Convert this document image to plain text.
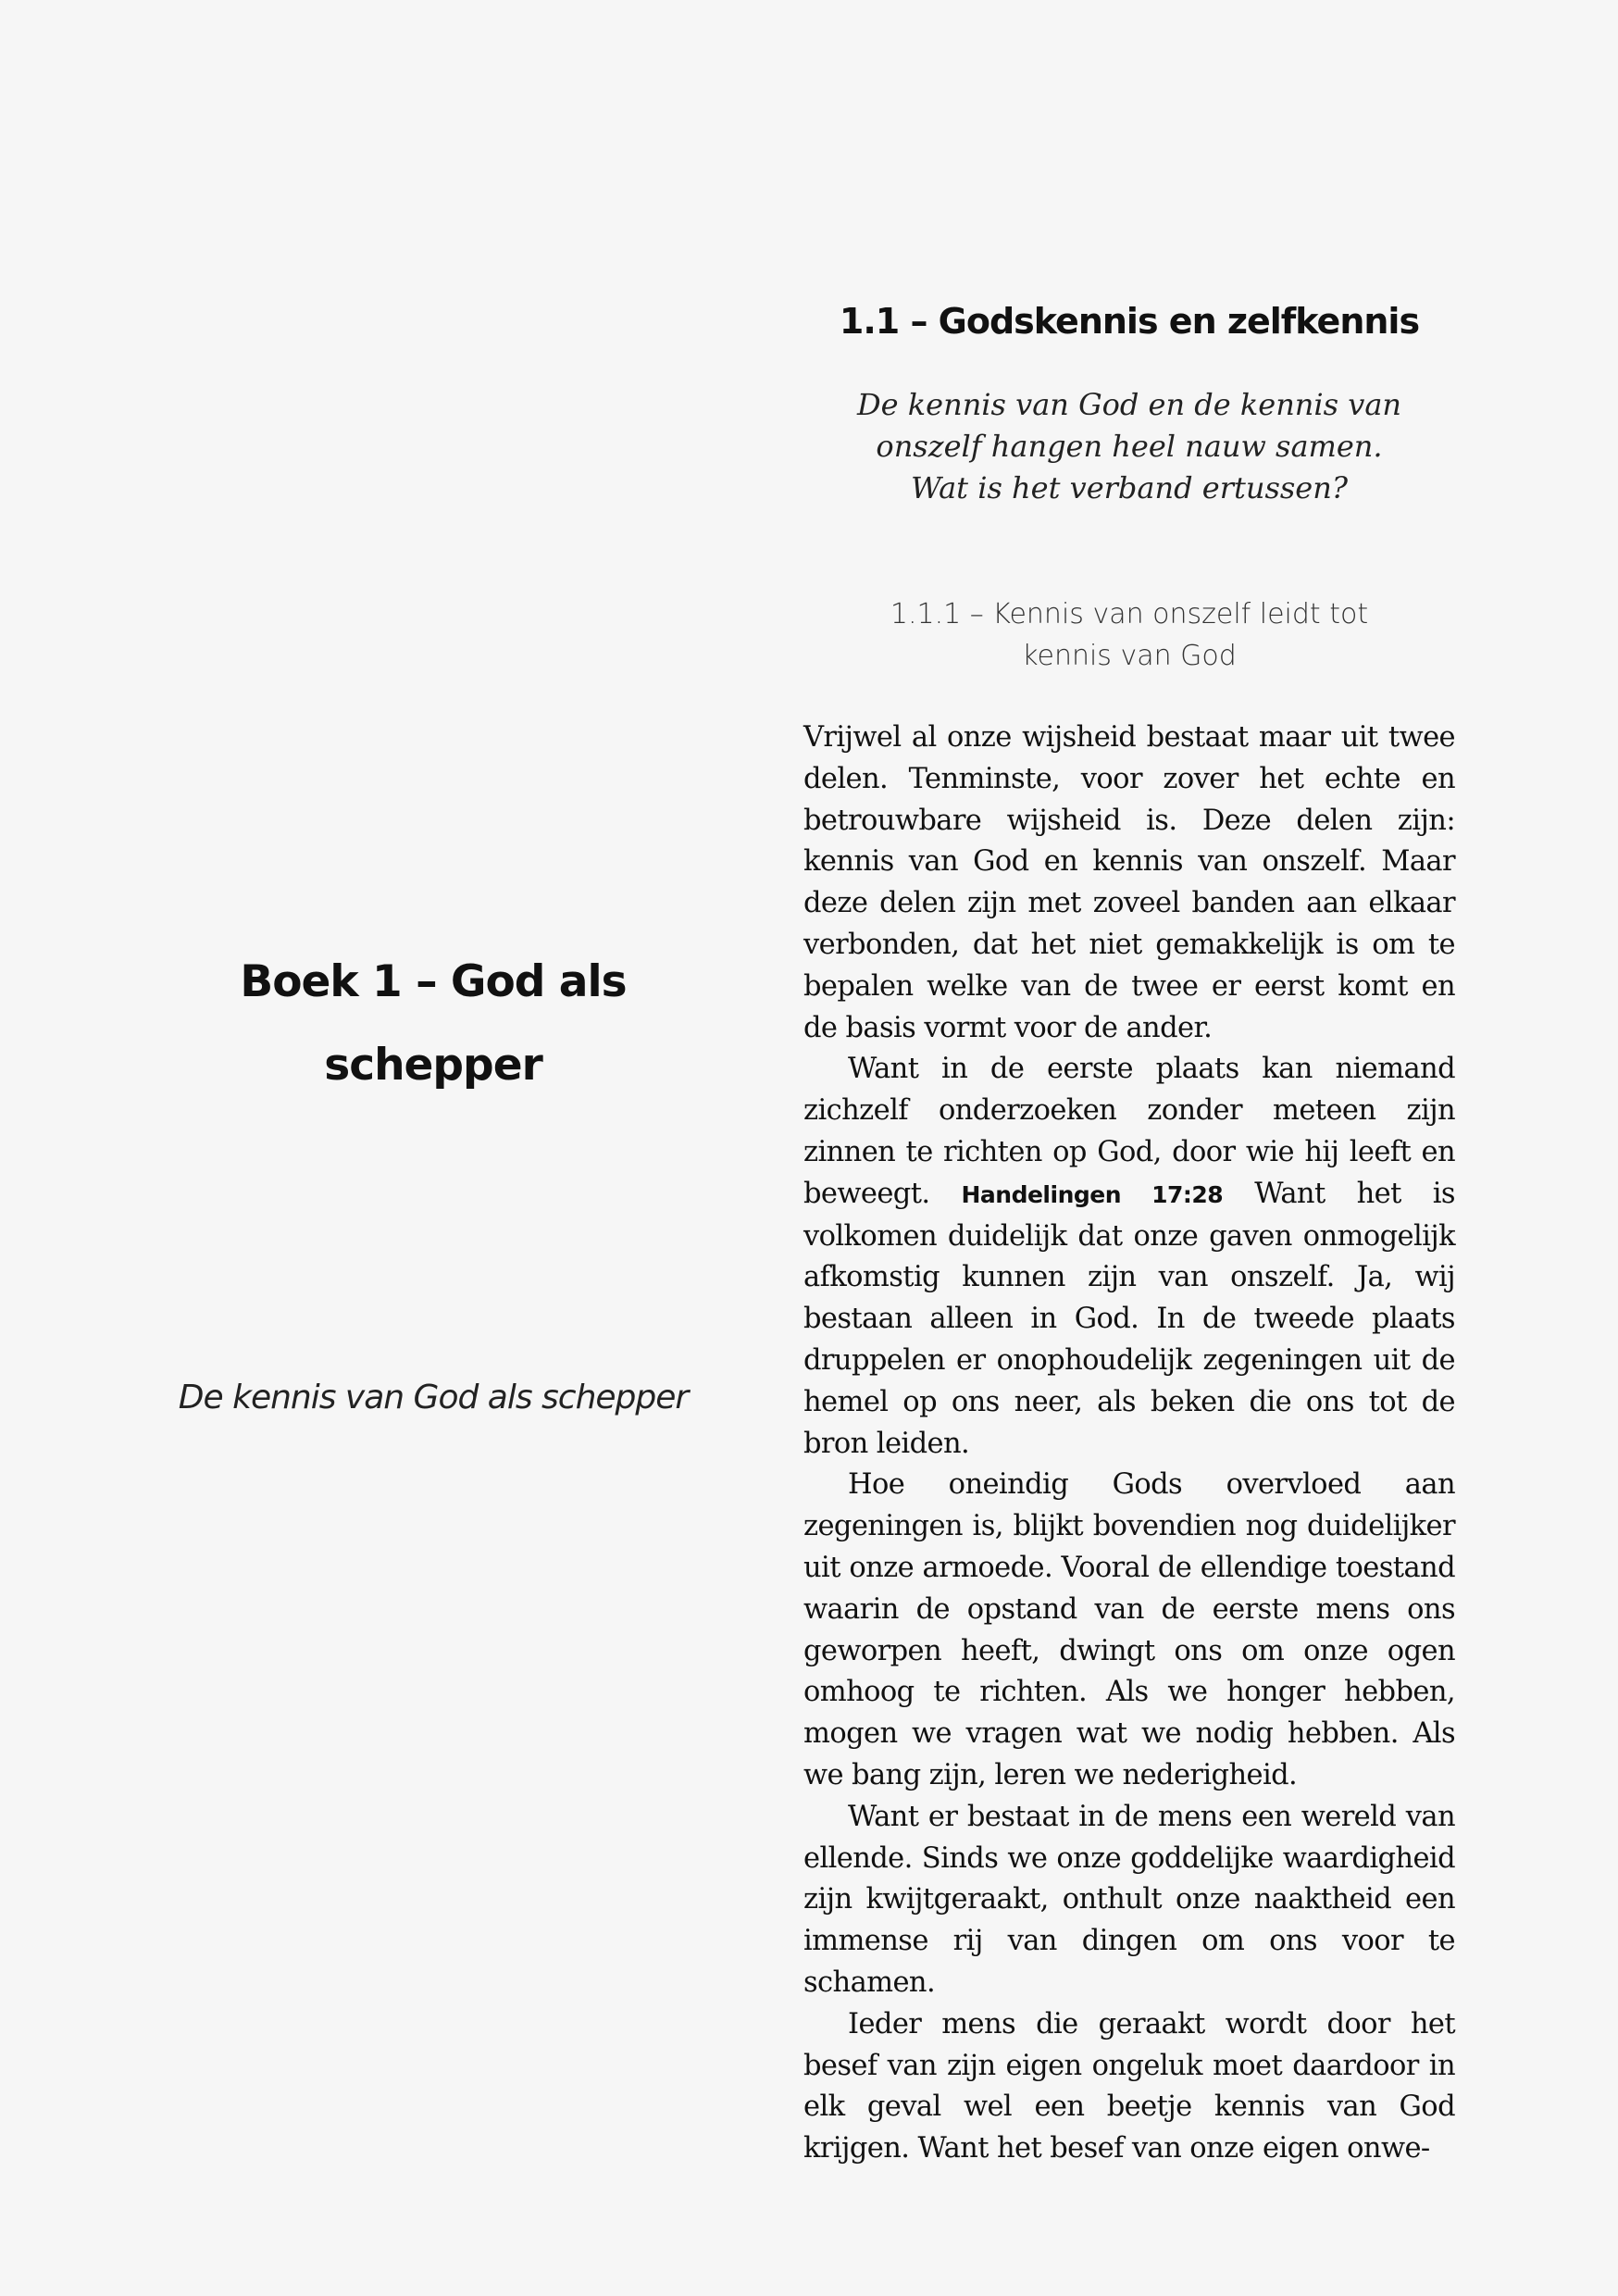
Boek 1 – God als schepper

De kennis van God als schepper

1.1 – Godskennis en zelfkennis

De kennis van God en de kennis van onszelf hangen heel nauw samen. Wat is het verband ertussen?

1.1.1 – Kennis van onszelf leidt tot kennis van God

Vrijwel al onze wijsheid bestaat maar uit twee delen. Tenminste, voor zover het echte en betrouwbare wijsheid is. Deze delen zijn: kennis van God en kennis van onszelf. Maar deze delen zijn met zoveel banden aan elkaar verbonden, dat het niet gemakkelijk is om te bepalen welke van de twee er eerst komt en de basis vormt voor de ander.

Want in de eerste plaats kan niemand zichzelf onderzoeken zonder meteen zijn zinnen te richten op God, door wie hij leeft en beweegt. Handelingen 17:28 Want het is volkomen duidelijk dat onze gaven onmogelijk afkomstig kunnen zijn van onszelf. Ja, wij bestaan alleen in God. In de tweede plaats druppelen er onophoudelijk zegeningen uit de hemel op ons neer, als beken die ons tot de bron leiden.

Hoe oneindig Gods overvloed aan zegeningen is, blijkt bovendien nog duidelijker uit onze armoede. Vooral de ellendige toestand waarin de opstand van de eerste mens ons geworpen heeft, dwingt ons om onze ogen omhoog te richten. Als we honger hebben, mogen we vragen wat we nodig hebben. Als we bang zijn, leren we nederigheid.

Want er bestaat in de mens een wereld van ellende. Sinds we onze goddelijke waardigheid zijn kwijtgeraakt, onthult onze naaktheid een immense rij van dingen om ons voor te schamen.

Ieder mens die geraakt wordt door het besef van zijn eigen ongeluk moet daardoor in elk geval wel een beetje kennis van God krijgen. Want het besef van onze eigen onwe-
